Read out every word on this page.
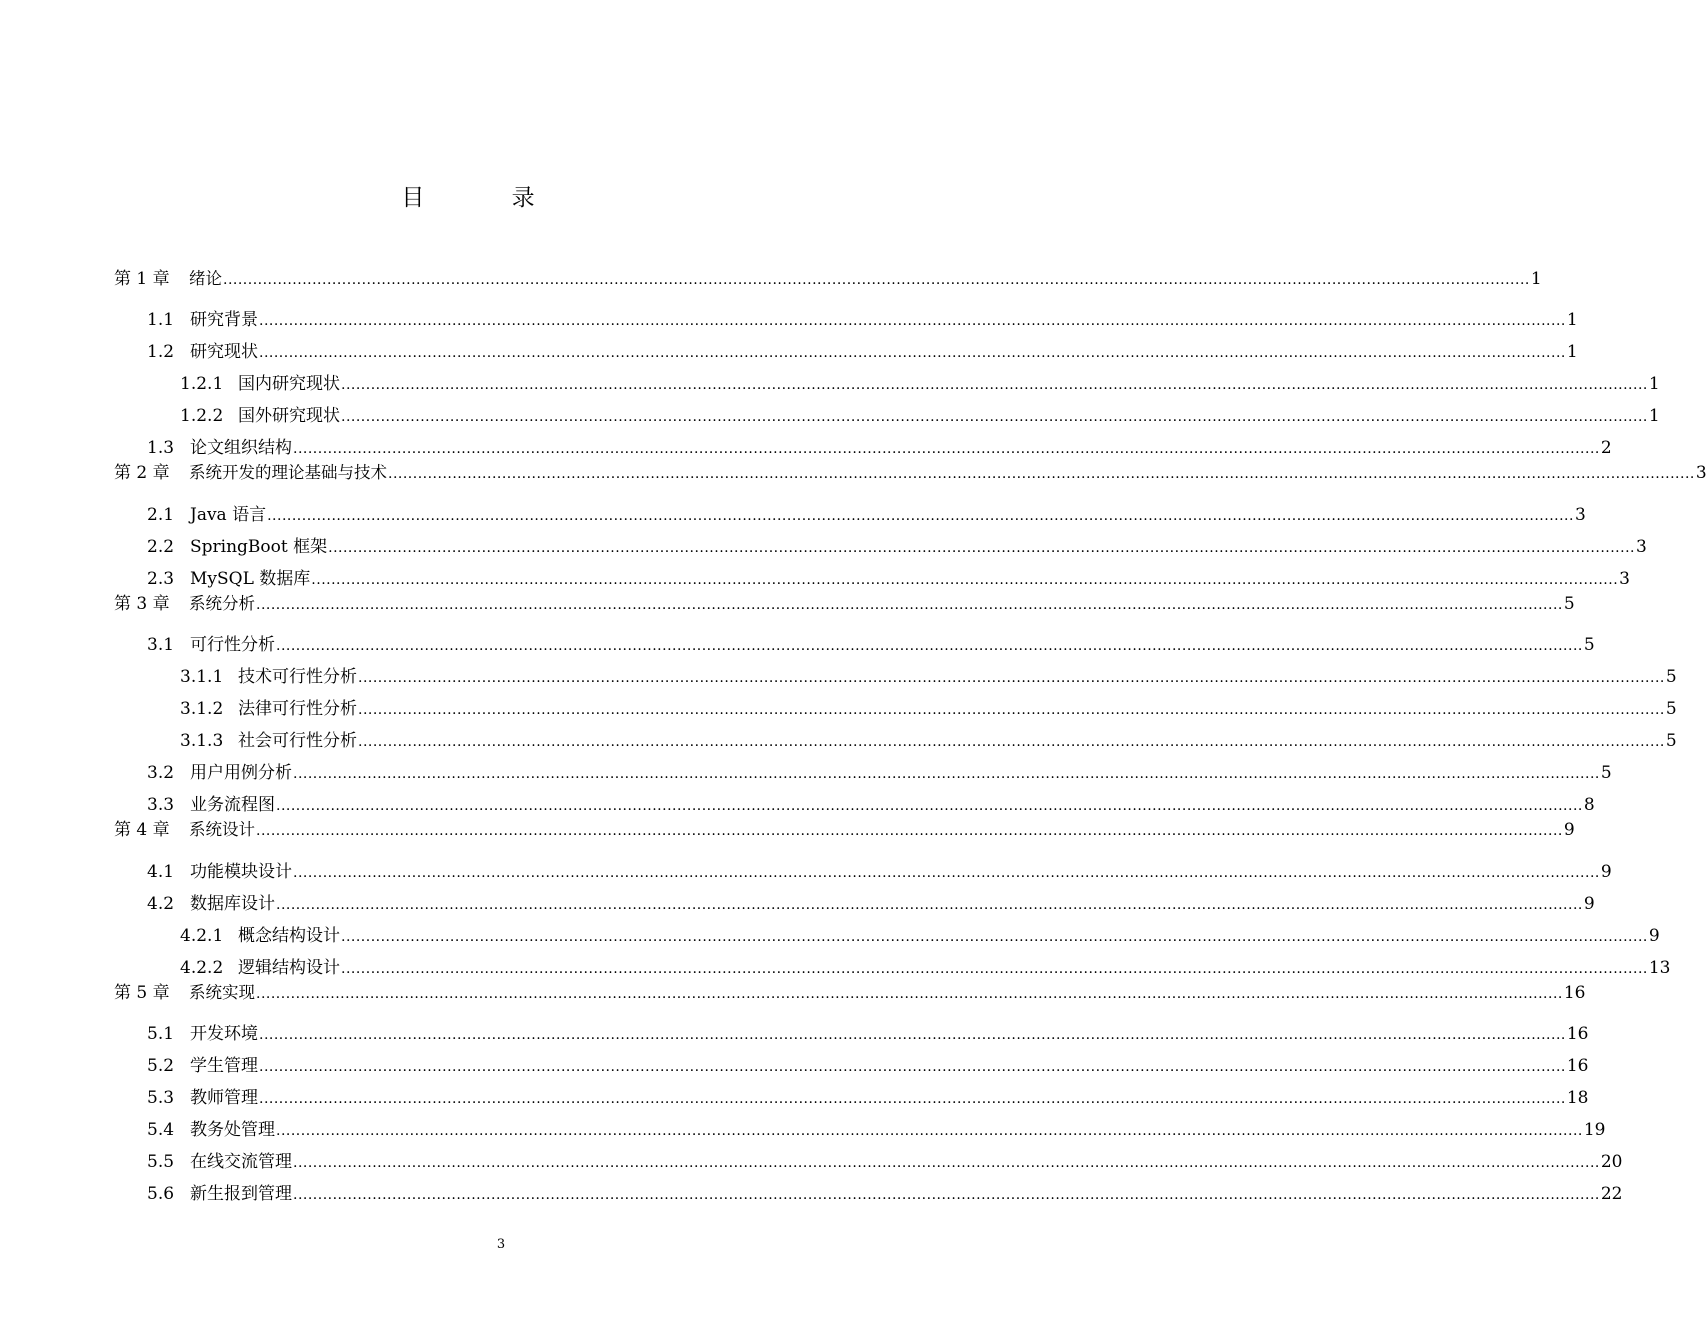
目 录
第 1 章	绪论 .....	1
1.1 研究背景 .....	1
1.2 研究现状 .....	1
1.2.1 国内研究现状 .....	1
1.2.2 国外研究现状 .....	1
1.3 论文组织结构 .....	2
第 2 章	系统开发的理论基础与技术 .....	3
2.1 Java 语言 .....	3
2.2 SpringBoot 框架 .....	3
2.3 MySQL 数据库 .....	3
第 3 章	系统分析 .....	5
3.1 可行性分析 .....	5
3.1.1 技术可行性分析 .....	5
3.1.2 法律可行性分析 .....	5
3.1.3 社会可行性分析 .....	5
3.2 用户用例分析 .....	5
3.3 业务流程图 .....	8
第 4 章	系统设计 .....	9
4.1 功能模块设计 .....	9
4.2 数据库设计 .....	9
4.2.1 概念结构设计 .....	9
4.2.2 逻辑结构设计 .....	13
第 5 章	系统实现 .....	16
5.1 开发环境 .....	16
5.2 学生管理 .....	16
5.3 教师管理 .....	18
5.4 教务处管理 .....	19
5.5 在线交流管理 .....	20
5.6 新生报到管理 .....	22
3
